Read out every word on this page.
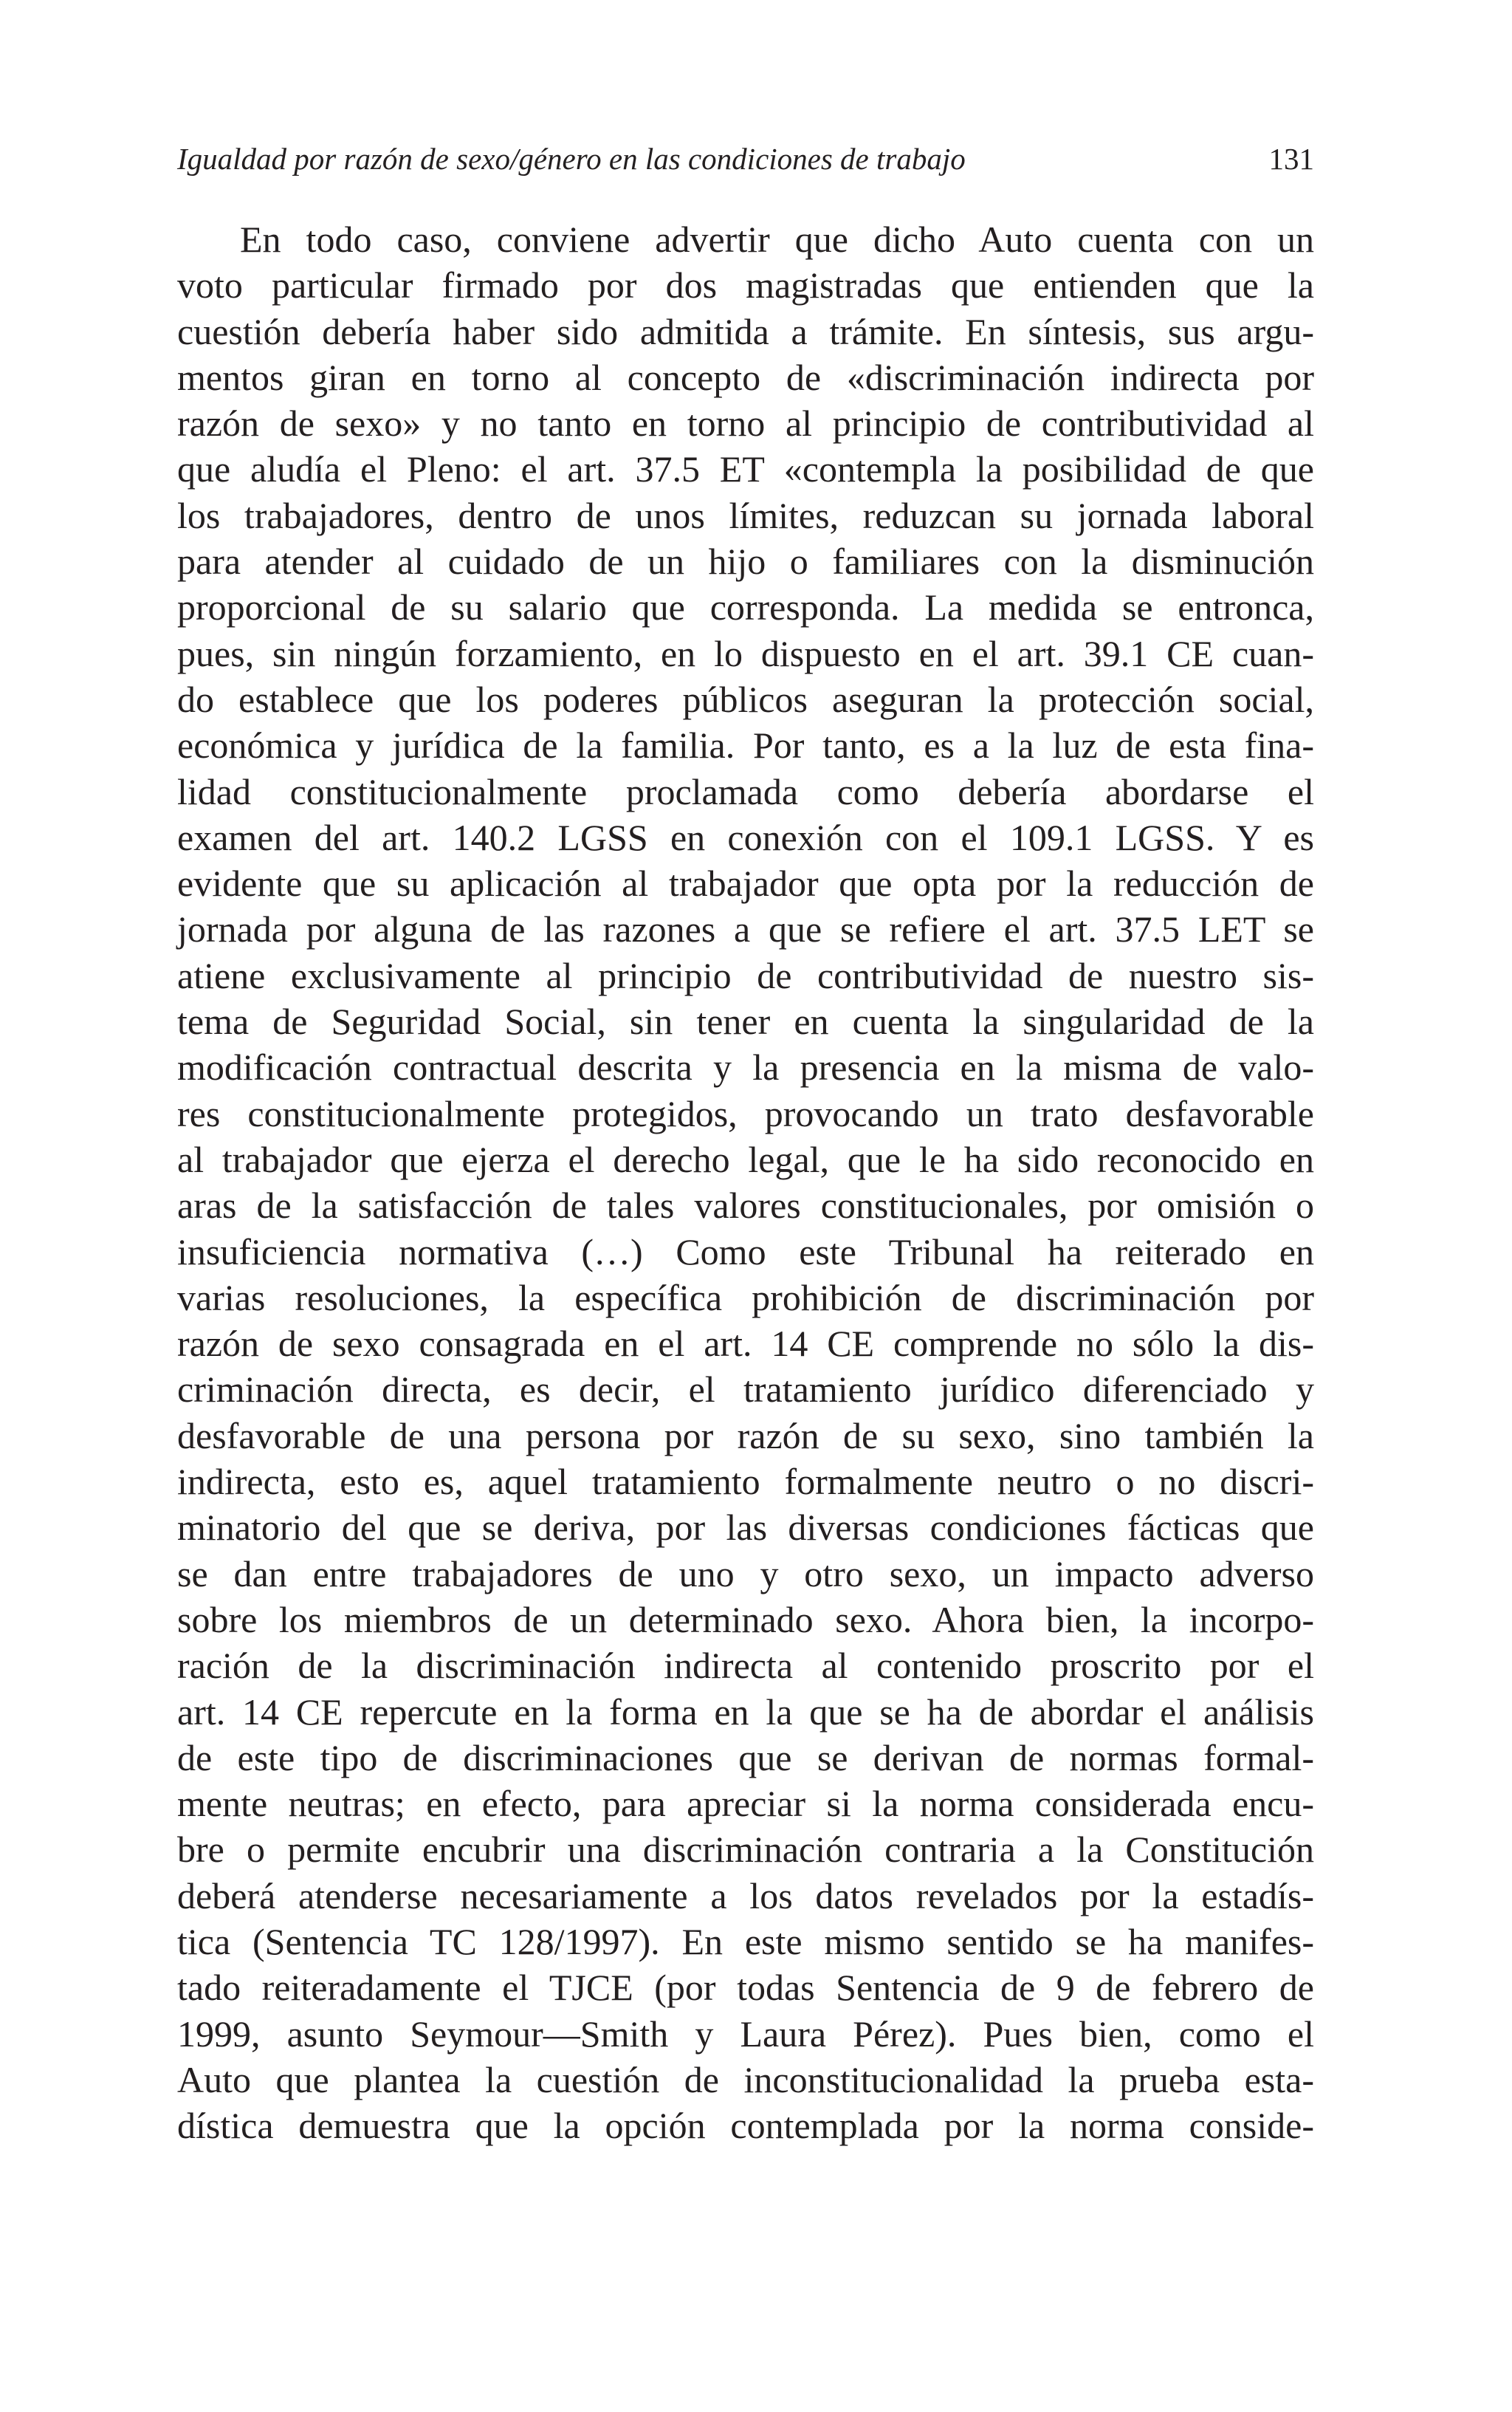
Igualdad por razón de sexo/género en las condiciones de trabajo	131
En todo caso, conviene advertir que dicho Auto cuenta con un
voto particular firmado por dos magistradas que entienden que la
cuestión debería haber sido admitida a trámite. En síntesis, sus argu-
mentos giran en torno al concepto de «discriminación indirecta por
razón de sexo» y no tanto en torno al principio de contributividad al
que aludía el Pleno: el art. 37.5 ET «contempla la posibilidad de que
los trabajadores, dentro de unos límites, reduzcan su jornada laboral
para atender al cuidado de un hijo o familiares con la disminución
proporcional de su salario que corresponda. La medida se entronca,
pues, sin ningún forzamiento, en lo dispuesto en el art. 39.1 CE cuan-
do establece que los poderes públicos aseguran la protección social,
económica y jurídica de la familia. Por tanto, es a la luz de esta fina-
lidad constitucionalmente proclamada como debería abordarse el
examen del art. 140.2 LGSS en conexión con el 109.1 LGSS. Y es
evidente que su aplicación al trabajador que opta por la reducción de
jornada por alguna de las razones a que se refiere el art. 37.5 LET se
atiene exclusivamente al principio de contributividad de nuestro sis-
tema de Seguridad Social, sin tener en cuenta la singularidad de la
modificación contractual descrita y la presencia en la misma de valo-
res constitucionalmente protegidos, provocando un trato desfavorable
al trabajador que ejerza el derecho legal, que le ha sido reconocido en
aras de la satisfacción de tales valores constitucionales, por omisión o
insuficiencia normativa (…) Como este Tribunal ha reiterado en
varias resoluciones, la específica prohibición de discriminación por
razón de sexo consagrada en el art. 14 CE comprende no sólo la dis-
criminación directa, es decir, el tratamiento jurídico diferenciado y
desfavorable de una persona por razón de su sexo, sino también la
indirecta, esto es, aquel tratamiento formalmente neutro o no discri-
minatorio del que se deriva, por las diversas condiciones fácticas que
se dan entre trabajadores de uno y otro sexo, un impacto adverso
sobre los miembros de un determinado sexo. Ahora bien, la incorpo-
ración de la discriminación indirecta al contenido proscrito por el
art. 14 CE repercute en la forma en la que se ha de abordar el análisis
de este tipo de discriminaciones que se derivan de normas formal-
mente neutras; en efecto, para apreciar si la norma considerada encu-
bre o permite encubrir una discriminación contraria a la Constitución
deberá atenderse necesariamente a los datos revelados por la estadís-
tica (Sentencia TC 128/1997). En este mismo sentido se ha manifes-
tado reiteradamente el TJCE (por todas Sentencia de 9 de febrero de
1999, asunto Seymour—Smith y Laura Pérez). Pues bien, como el
Auto que plantea la cuestión de inconstitucionalidad la prueba esta-
dística demuestra que la opción contemplada por la norma conside-
